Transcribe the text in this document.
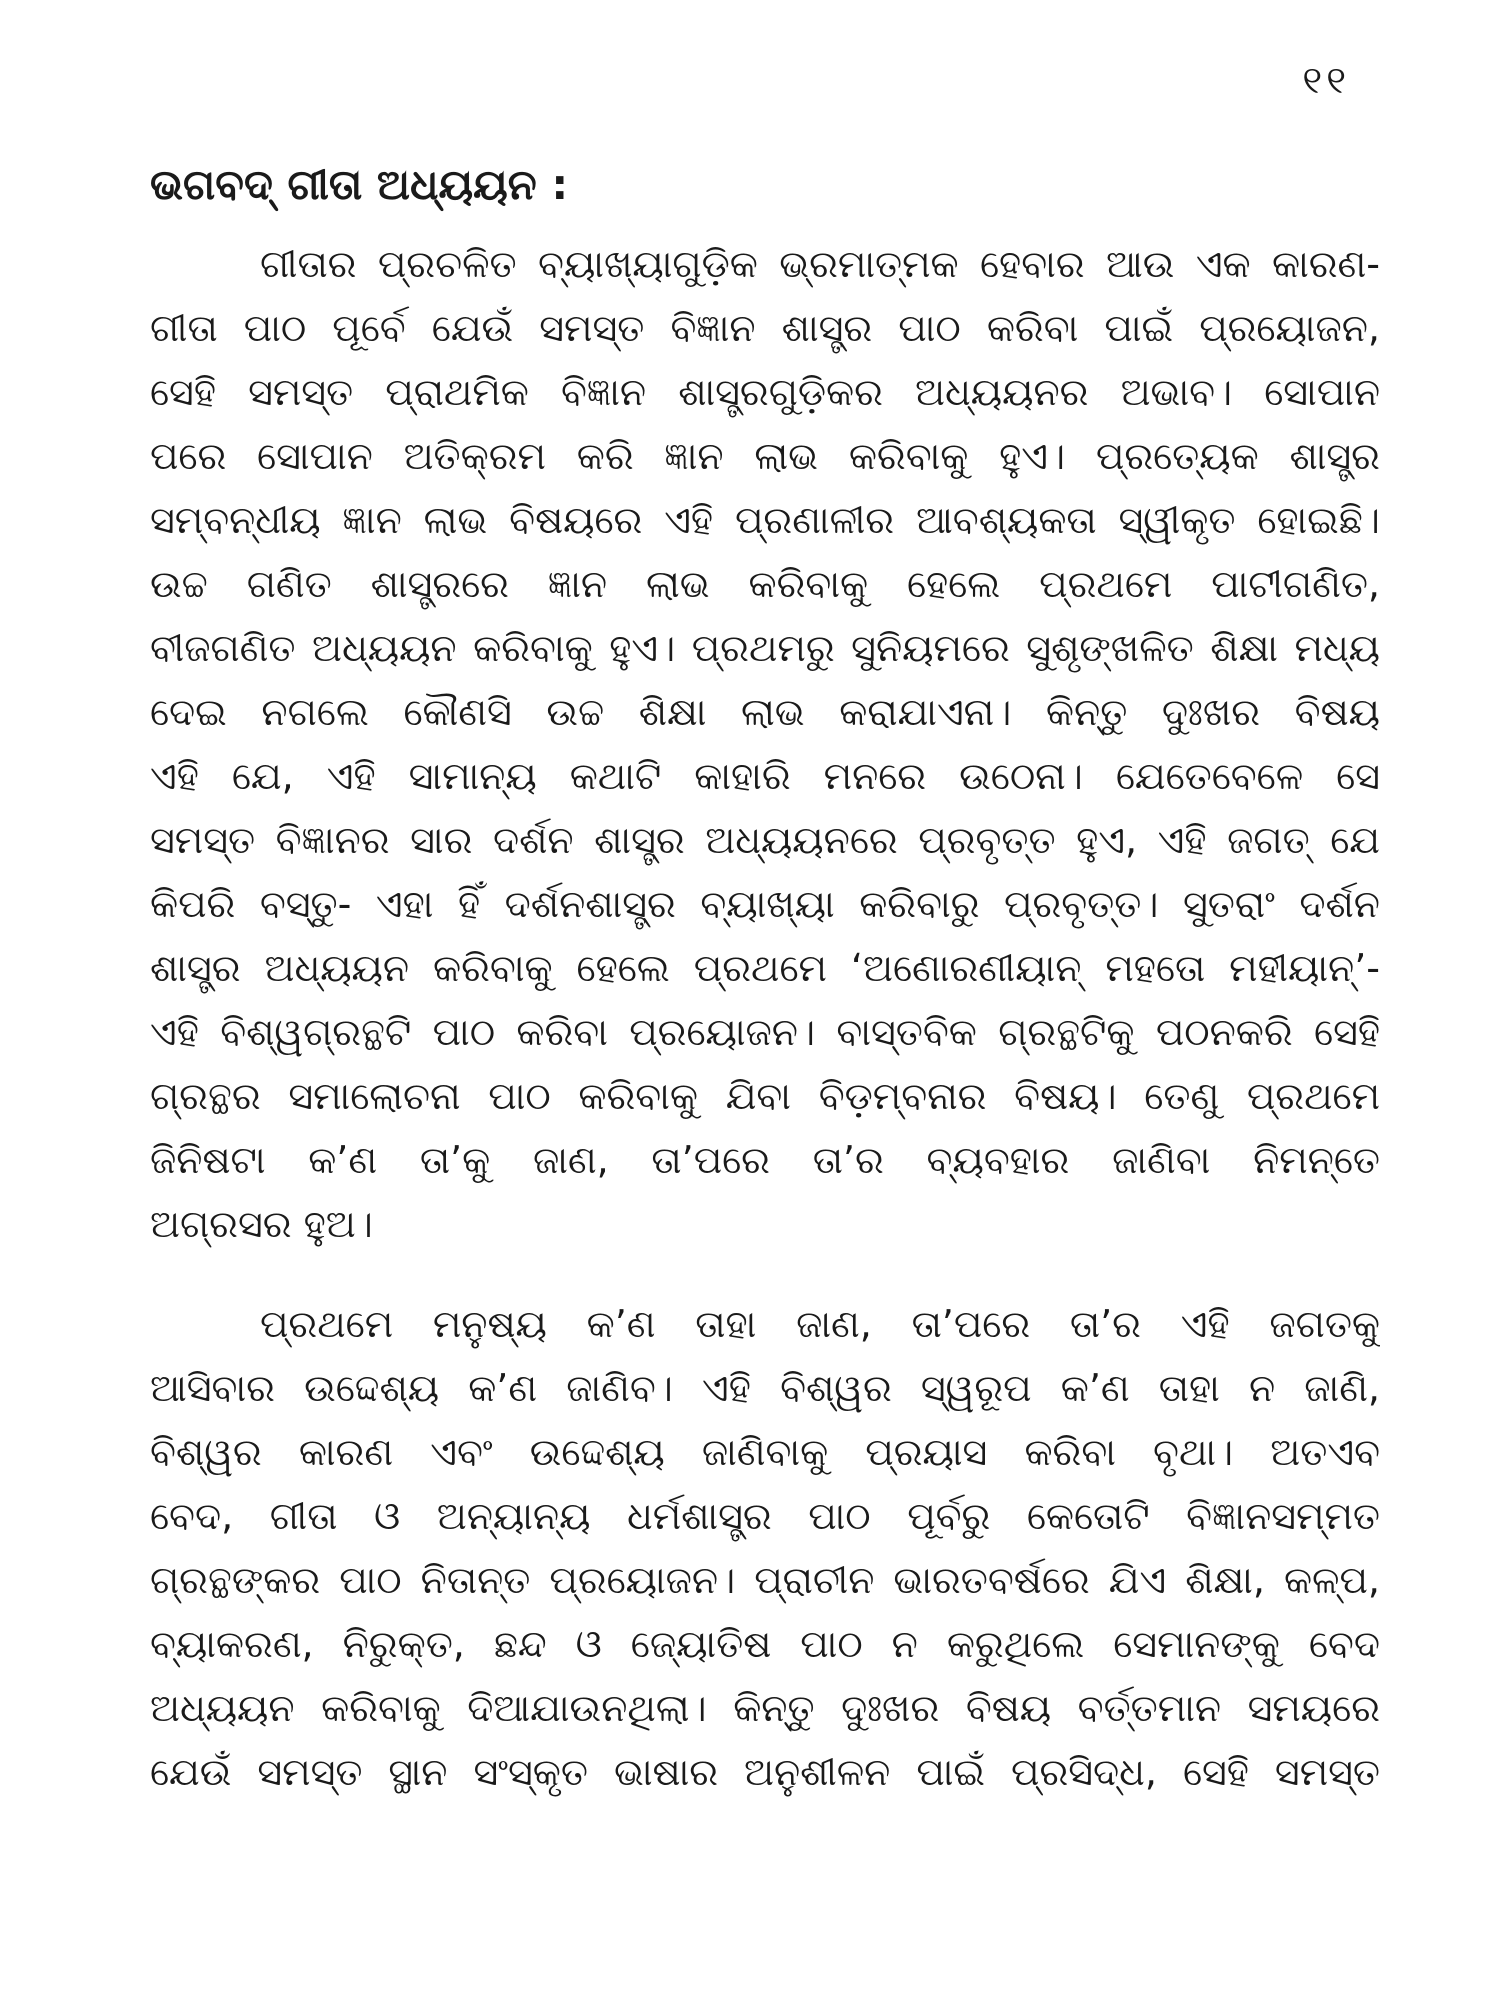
୧୧
ଭଗବଦ୍ ଗୀତା ଅଧ୍ୟୟନ :
ଗୀତାର ପ୍ରଚଳିତ ବ୍ୟାଖ୍ୟାଗୁଡ଼ିକ ଭ୍ରମାତ୍ମକ ହେବାର ଆଉ ଏକ କାରଣ-
ଗୀତା ପାଠ ପୂର୍ବେ ଯେଉଁ ସମସ୍ତ ବିଜ୍ଞାନ ଶାସ୍ତ୍ର ପାଠ କରିବା ପାଇଁ ପ୍ରୟୋଜନ,
ସେହି ସମସ୍ତ ପ୍ରାଥମିକ ବିଜ୍ଞାନ ଶାସ୍ତ୍ରଗୁଡ଼ିକର ଅଧ୍ୟୟନର ଅଭାବ। ସୋପାନ
ପରେ ସୋପାନ ଅତିକ୍ରମ କରି ଜ୍ଞାନ ଲାଭ କରିବାକୁ ହୁଏ। ପ୍ରତ୍ୟେକ ଶାସ୍ତ୍ର
ସମ୍ବନ୍ଧୀୟ ଜ୍ଞାନ ଲାଭ ବିଷୟରେ ଏହି ପ୍ରଣାଳୀର ଆବଶ୍ୟକତା ସ୍ୱୀକୃତ ହୋଇଛି।
ଉଚ୍ଚ ଗଣିତ ଶାସ୍ତ୍ରରେ ଜ୍ଞାନ ଲାଭ କରିବାକୁ ହେଲେ ପ୍ରଥମେ ପାଟୀଗଣିତ,
ବୀଜଗଣିତ ଅଧ୍ୟୟନ କରିବାକୁ ହୁଏ। ପ୍ରଥମରୁ ସୁନିୟମରେ ସୁଶୃଙ୍ଖଳିତ ଶିକ୍ଷା ମଧ୍ୟ
ଦେଇ ନଗଲେ କୌଣସି ଉଚ୍ଚ ଶିକ୍ଷା ଲାଭ କରାଯାଏନା। କିନ୍ତୁ ଦୁଃଖର ବିଷୟ
ଏହି ଯେ, ଏହି ସାମାନ୍ୟ କଥାଟି କାହାରି ମନରେ ଉଠେନା। ଯେତେବେଳେ ସେ
ସମସ୍ତ ବିଜ୍ଞାନର ସାର ଦର୍ଶନ ଶାସ୍ତ୍ର ଅଧ୍ୟୟନରେ ପ୍ରବୃତ୍ତ ହୁଏ, ଏହି ଜଗତ୍ ଯେ
କିପରି ବସ୍ତୁ- ଏହା ହିଁ ଦର୍ଶନଶାସ୍ତ୍ର ବ୍ୟାଖ୍ୟା କରିବାରୁ ପ୍ରବୃତ୍ତ। ସୁତରାଂ ଦର୍ଶନ
ଶାସ୍ତ୍ର ଅଧ୍ୟୟନ କରିବାକୁ ହେଲେ ପ୍ରଥମେ ‘ଅଣୋରଣୀୟାନ୍ ମହତୋ ମହୀୟାନ୍’-
ଏହି ବିଶ୍ୱଗ୍ରନ୍ଥଟି ପାଠ କରିବା ପ୍ରୟୋଜନ। ବାସ୍ତବିକ ଗ୍ରନ୍ଥଟିକୁ ପଠନକରି ସେହି
ଗ୍ରନ୍ଥର ସମାଲୋଚନା ପାଠ କରିବାକୁ ଯିବା ବିଡ଼ମ୍ବନାର ବିଷୟ। ତେଣୁ ପ୍ରଥମେ
ଜିନିଷଟା କ’ଣ ତା’କୁ ଜାଣ, ତା’ପରେ ତା’ର ବ୍ୟବହାର ଜାଣିବା ନିମନ୍ତେ
ଅଗ୍ରସର ହୁଅ।
ପ୍ରଥମେ ମନୁଷ୍ୟ କ’ଣ ତାହା ଜାଣ, ତା’ପରେ ତା’ର ଏହି ଜଗତକୁ
ଆସିବାର ଉଦ୍ଦେଶ୍ୟ କ’ଣ ଜାଣିବ। ଏହି ବିଶ୍ୱର ସ୍ୱରୂପ କ’ଣ ତାହା ନ ଜାଣି,
ବିଶ୍ୱର କାରଣ ଏବଂ ଉଦ୍ଦେଶ୍ୟ ଜାଣିବାକୁ ପ୍ରୟାସ କରିବା ବୃଥା। ଅତଏବ
ବେଦ, ଗୀତା ଓ ଅନ୍ୟାନ୍ୟ ଧର୍ମଶାସ୍ତ୍ର ପାଠ ପୂର୍ବରୁ କେତୋଟି ବିଜ୍ଞାନସମ୍ମତ
ଗ୍ରନ୍ଥଙ୍କର ପାଠ ନିତାନ୍ତ ପ୍ରୟୋଜନ। ପ୍ରାଚୀନ ଭାରତବର୍ଷରେ ଯିଏ ଶିକ୍ଷା, କଳ୍ପ,
ବ୍ୟାକରଣ, ନିରୁକ୍ତ, ଛନ୍ଦ ଓ ଜ୍ୟୋତିଷ ପାଠ ନ କରୁଥିଲେ ସେମାନଙ୍କୁ ବେଦ
ଅଧ୍ୟୟନ କରିବାକୁ ଦିଆଯାଉନଥିଲା। କିନ୍ତୁ ଦୁଃଖର ବିଷୟ ବର୍ତ୍ତମାନ ସମୟରେ
ଯେଉଁ ସମସ୍ତ ସ୍ଥାନ ସଂସ୍କୃତ ଭାଷାର ଅନୁଶୀଳନ ପାଇଁ ପ୍ରସିଦ୍ଧ, ସେହି ସମସ୍ତ
